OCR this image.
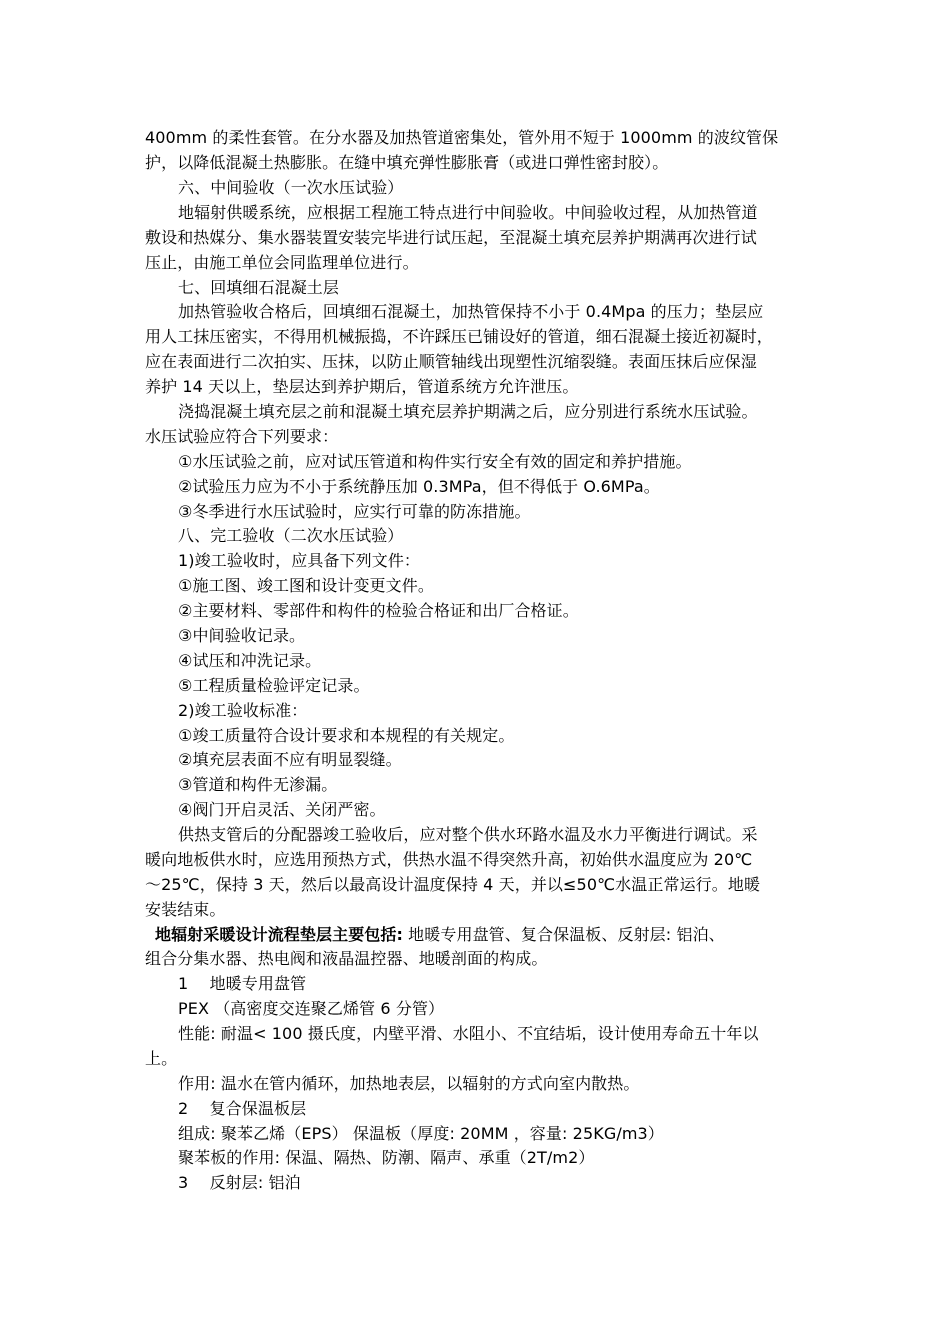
400mm 的柔性套管。在分水器及加热管道密集处，管外用不短于 1000mm 的波纹管保
护，以降低混凝土热膨胀。在缝中填充弹性膨胀膏（或进口弹性密封胶）。
六、中间验收（一次水压试验）
地辐射供暖系统，应根据工程施工特点进行中间验收。中间验收过程，从加热管道
敷设和热媒分、集水器装置安装完毕进行试压起，至混凝土填充层养护期满再次进行试
压止，由施工单位会同监理单位进行。
七、回填细石混凝土层
加热管验收合格后，回填细石混凝土，加热管保持不小于 0.4Mpa 的压力；垫层应
用人工抹压密实，不得用机械振捣，不许踩压已铺设好的管道，细石混凝土接近初凝时，
应在表面进行二次拍实、压抹，以防止顺管轴线出现塑性沉缩裂缝。表面压抹后应保湿
养护 14 天以上，垫层达到养护期后，管道系统方允许泄压。
浇捣混凝土填充层之前和混凝土填充层养护期满之后，应分别进行系统水压试验。
水压试验应符合下列要求：
①水压试验之前，应对试压管道和构件实行安全有效的固定和养护措施。
②试验压力应为不小于系统静压加 0.3MPa，但不得低于 O.6MPa。
③冬季进行水压试验时，应实行可靠的防冻措施。
八、完工验收（二次水压试验）
1)竣工验收时，应具备下列文件：
①施工图、竣工图和设计变更文件。
②主要材料、零部件和构件的检验合格证和出厂合格证。
③中间验收记录。
④试压和冲洗记录。
⑤工程质量检验评定记录。
2)竣工验收标准：
①竣工质量符合设计要求和本规程的有关规定。
②填充层表面不应有明显裂缝。
③管道和构件无渗漏。
④阀门开启灵活、关闭严密。
供热支管后的分配器竣工验收后，应对整个供水环路水温及水力平衡进行调试。采
暖向地板供水时，应选用预热方式，供热水温不得突然升高，初始供水温度应为 20℃
～25℃，保持 3 天，然后以最高设计温度保持 4 天，并以≤50℃水温正常运行。地暖
安装结束。
地辐射采暖设计流程垫层主要包括: 地暖专用盘管、复合保温板、反射层: 铝泊、
组合分集水器、热电阀和液晶温控器、地暖剖面的构成。
1　 地暖专用盘管
PEX （高密度交连聚乙烯管 6 分管）
性能: 耐温< 100 摄氏度，内壁平滑、水阻小、不宜结垢，设计使用寿命五十年以
上。
作用: 温水在管内循环，加热地表层，以辐射的方式向室内散热。
2　 复合保温板层
组成: 聚苯乙烯（EPS） 保温板（厚度: 20MM ，容量: 25KG/m3）
聚苯板的作用: 保温、隔热、防潮、隔声、承重（2T/m2）
3　 反射层: 铝泊
